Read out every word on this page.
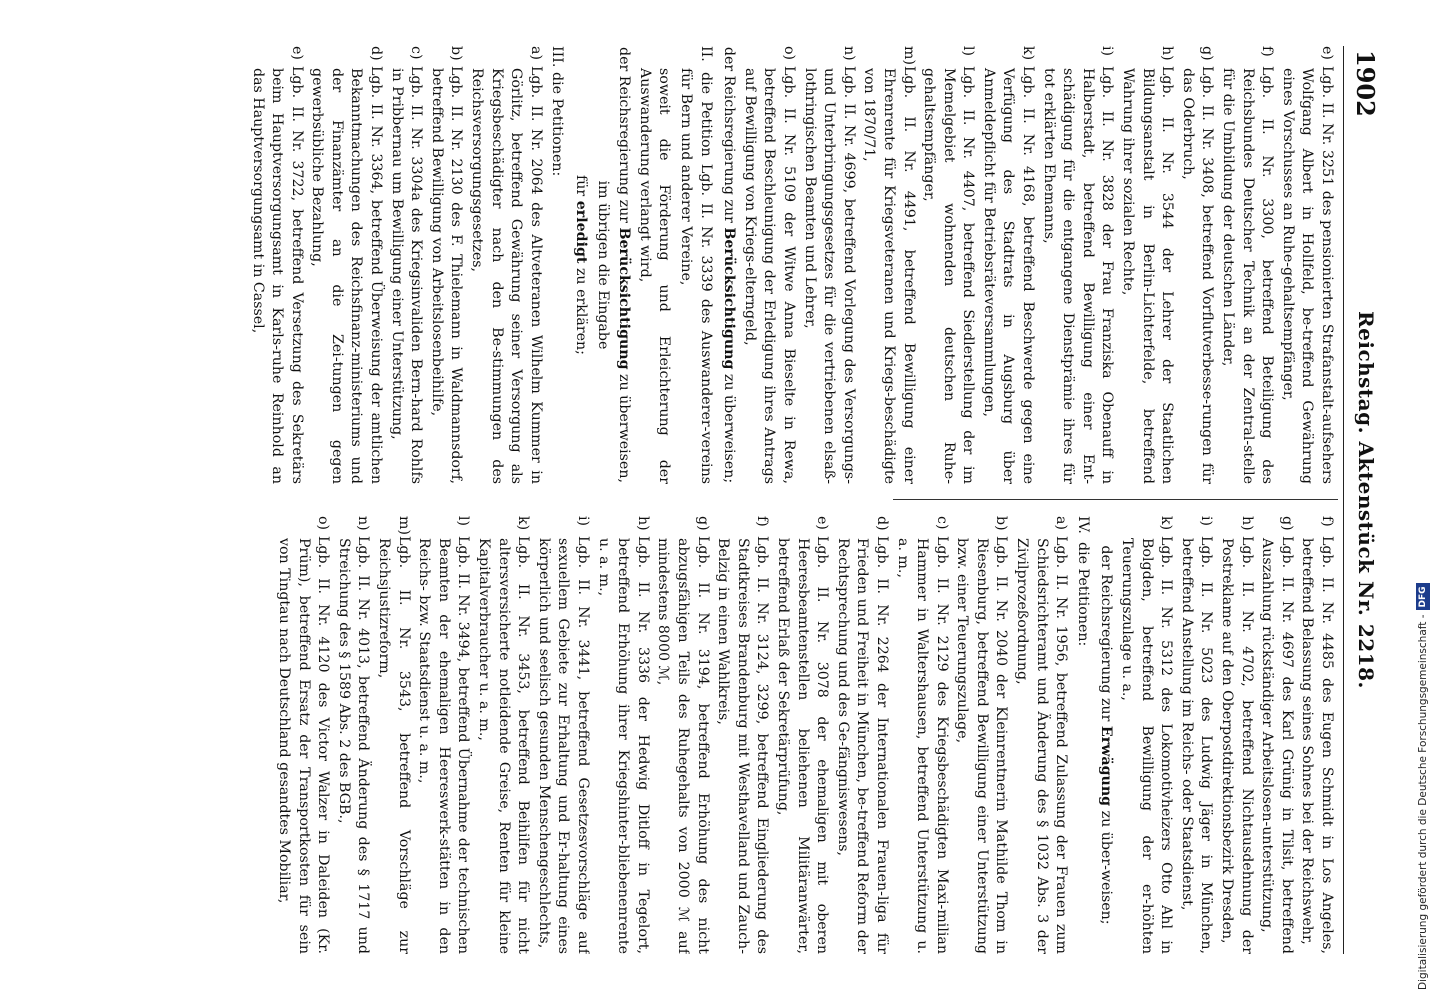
1902
Reichstag. Aktenstück Nr. 2218.
e)Lgb. II. Nr. 3251 des pensionierten Strafanstalt-aufsehers Wolfgang Albert in Hollfeld, be-treffend Gewährung eines Vorschusses an Ruhe-gehaltsempfänger,
f)Lgb. II. Nr. 3300, betreffend Beteiligung des Reichsbundes Deutscher Technik an der Zentral-stelle für die Umbildung der deutschen Länder,
g)Lgb. II. Nr. 3408, betreffend Vorflutverbesse-rungen für das Oderbruch,
h)Lgb. II. Nr. 3544 der Lehrer der Staatlichen Bildungsanstalt in Berlin-Lichterfelde, betreffend Wahrung ihrer sozialen Rechte,
i)Lgb. II. Nr. 3828 der Frau Franziska Obenauff in Halberstadt, betreffend Bewilligung einer Ent-schädigung für die entgangene Dienstprämie ihres für tot erklärten Ehemanns,
k)Lgb. II. Nr. 4168, betreffend Beschwerde gegen eine Verfügung des Stadtrats in Augsburg über Anmeldepflicht für Betriebsräteversammlungen,
l)Lgb. II. Nr. 4407, betreffend Siedlerstellung der im Memelgebiet wohnenden deutschen Ruhe-gehaltsempfänger,
m)Lgb. II. Nr. 4491, betreffend Bewilligung einer Ehrenrente für Kriegsveteranen und Kriegs-beschädigte von 1870/71,
n)Lgb. II. Nr. 4699, betreffend Vorlegung des Versorgungs- und Unterbringungsgesetzes für die vertriebenen elsaß-lothringischen Beamten und Lehrer,
o)Lgb. II. Nr. 5109 der Witwe Anna Bieselte in Rewa, betreffend Beschleunigung der Erledigung ihres Antrags auf Bewilligung von Kriegs-elterngeld,
der Reichsregierung zur Berücksichtigung zu überweisen;
II.die Petition Lgb. II. Nr. 3339 des Auswanderer-vereins für Bern und anderer Vereine,
soweit die Förderung und Erleichterung der Auswanderung verlangt wird,
der Reichsregierung zur Berücksichtigung zu überweisen,
im übrigen die Eingabe
für erledigt zu erklären;
III.die Petitionen:
a)Lgb. II. Nr. 2064 des Altveteranen Wilhelm Kummer in Görlitz, betreffend Gewährung seiner Versorgung als Kriegsbeschädigter nach den Be-stimmungen des Reichsversorgungsgesetzes,
b)Lgb. II. Nr. 2130 des F. Thielemann in Waldmannsdorf, betreffend Bewilligung von Arbeitslosenbeihilfe,
c)Lgb. II. Nr. 3304a des Kriegsinvaliden Bern-hard Rohlfs in Pribbernau um Bewilligung einer Unterstützung,
d)Lgb. II. Nr. 3364, betreffend Überweisung der amtlichen Bekanntmachungen des Reichsfinanz-ministeriums und der Finanzämter an die Zei-tungen gegen gewerbsübliche Bezahlung,
e)Lgb. II. Nr. 3722, betreffend Versetzung des Sekretärs beim Hauptversorgungsamt in Karls-ruhe Reinhold an das Hauptversorgungsamt in Cassel,
f)Lgb. II. Nr. 4485 des Eugen Schmidt in Los Angeles, betreffend Belassung seines Sohnes bei der Reichswehr,
g)Lgb. II. Nr. 4697 des Karl Grünig in Tilsit, betreffend Auszahlung rückständiger Arbeitslosen-unterstützung,
h)Lgb. II. Nr. 4702, betreffend Nichtausdehnung der Postreklame auf den Oberpostdirektionsbezirk Dresden,
i)Lgb. II. Nr. 5023 des Ludwig Jäger in München, betreffend Anstellung im Reichs- oder Staatsdienst,
k)Lgb. II. Nr. 5312 des Lokomotivheizers Otto Ahl in Bolgden, betreffend Bewilligung der er-höhten Teuerungszulage u. a.,
der Reichsregierung zur Erwägung zu über-weisen;
IV.die Petitionen:
a)Lgb. II. Nr. 1956, betreffend Zulassung der Frauen zum Schiedsrichteramt und Änderung des § 1032 Abs. 3 der Zivilprozeßordnung,
b)Lgb. II. Nr. 2040 der Kleinrentnerin Mathilde Thom in Riesenburg, betreffend Bewilligung einer Unterstützung bzw. einer Teuerungszulage,
c)Lgb. II. Nr. 2129 des Kriegsbeschädigten Maxi-milian Hammer in Waltershausen, betreffend Unterstützung u. a. m.,
d)Lgb. II. Nr. 2264 der Internationalen Frauen-liga für Frieden und Freiheit in München, be-treffend Reform der Rechtsprechung und des Ge-fängniswesens,
e)Lgb. II. Nr. 3078 der ehemaligen mit oberen Heeresbeamtenstellen beliehenen Militäranwärter, betreffend Erlaß der Sekretärprüfung,
f)Lgb. II. Nr. 3124, 3299, betreffend Eingliederung des Stadtkreises Brandenburg mit Westhavelland und Zauch-Belzig in einen Wahlkreis,
g)Lgb. II. Nr. 3194, betreffend Erhöhung des nicht abzugsfähigen Teils des Ruhegehalts von 2000 ℳ auf mindestens 8000 ℳ,
h)Lgb. II. Nr. 3336 der Hedwig Ditloff in Tegelort, betreffend Erhöhung ihrer Kriegshinter-bliebenenrente u. a. m.,
i)Lgb. II. Nr. 3441, betreffend Gesetzesvorschläge auf sexuellem Gebiete zur Erhaltung und Er-haltung eines körperlich und seelisch gesunden Menschengeschlechts,
k)Lgb. II. Nr. 3453, betreffend Beihilfen für nicht altersversicherte notleidende Greise, Renten für kleine Kapitalverbraucher u. a. m.,
l)Lgb. II. Nr. 3494, betreffend Übernahme der technischen Beamten der ehemaligen Heereswerk-stätten in den Reichs- bzw. Staatsdienst u. a. m.,
m)Lgb. II. Nr. 3543, betreffend Vorschläge zur Reichsjustizreform,
n)Lgb. II. Nr. 4013, betreffend Änderung des § 1717 und Streichung des § 1589 Abs. 2 des BGB.,
o)Lgb. II. Nr. 4120 des Victor Walzer in Daleiden (Kr. Prüm), betreffend Ersatz der Transportkosten für sein von Tingtau nach Deutschland gesandtes Mobiliar,	Digitalisierung gefördert durch die Deutsche Forschungsgemeinschaft -DFG
